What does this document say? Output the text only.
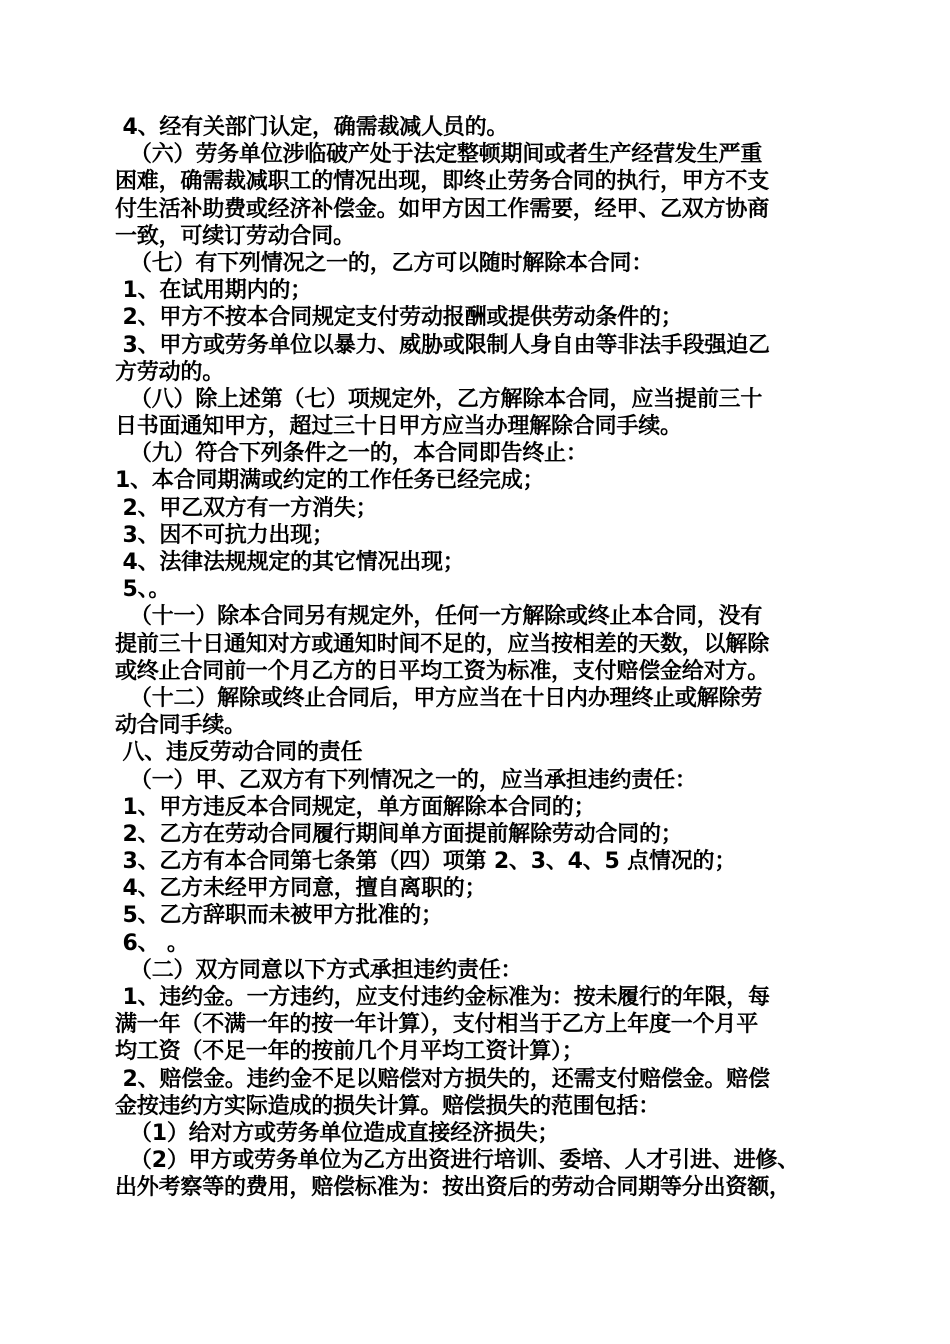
4、经有关部门认定，确需裁减人员的。
（六）劳务单位涉临破产处于法定整顿期间或者生产经营发生严重
困难，确需裁减职工的情况出现，即终止劳务合同的执行，甲方不支
付生活补助费或经济补偿金。如甲方因工作需要，经甲、乙双方协商
一致，可续订劳动合同。
（七）有下列情况之一的，乙方可以随时解除本合同：
1、在试用期内的；
2、甲方不按本合同规定支付劳动报酬或提供劳动条件的；
3、甲方或劳务单位以暴力、威胁或限制人身自由等非法手段强迫乙
方劳动的。
（八）除上述第（七）项规定外，乙方解除本合同，应当提前三十
日书面通知甲方，超过三十日甲方应当办理解除合同手续。
（九）符合下列条件之一的，本合同即告终止：
1、本合同期满或约定的工作任务已经完成；
2、甲乙双方有一方消失；
3、因不可抗力出现；
4、法律法规规定的其它情况出现；
5、。
（十一）除本合同另有规定外，任何一方解除或终止本合同，没有
提前三十日通知对方或通知时间不足的，应当按相差的天数，以解除
或终止合同前一个月乙方的日平均工资为标准，支付赔偿金给对方。
（十二）解除或终止合同后，甲方应当在十日内办理终止或解除劳
动合同手续。
八、违反劳动合同的责任
（一）甲、乙双方有下列情况之一的，应当承担违约责任：
1、甲方违反本合同规定，单方面解除本合同的；
2、乙方在劳动合同履行期间单方面提前解除劳动合同的；
3、乙方有本合同第七条第（四）项第 2、3、4、5 点情况的；
4、乙方未经甲方同意，擅自离职的；
5、乙方辞职而未被甲方批准的；
6、 。
（二）双方同意以下方式承担违约责任：
1、违约金。一方违约，应支付违约金标准为：按未履行的年限，每
满一年（不满一年的按一年计算），支付相当于乙方上年度一个月平
均工资（不足一年的按前几个月平均工资计算）；
2、赔偿金。违约金不足以赔偿对方损失的，还需支付赔偿金。赔偿
金按违约方实际造成的损失计算。赔偿损失的范围包括：
（1）给对方或劳务单位造成直接经济损失；
（2）甲方或劳务单位为乙方出资进行培训、委培、人才引进、进修、
出外考察等的费用，赔偿标准为：按出资后的劳动合同期等分出资额，
